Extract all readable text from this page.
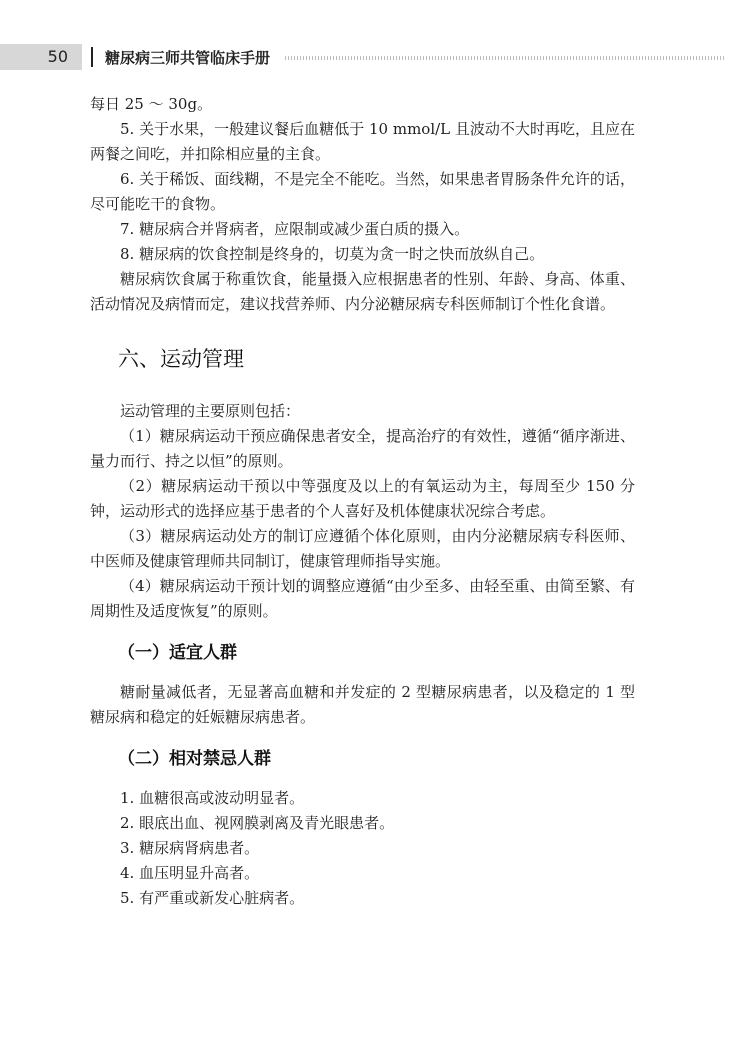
50 糖尿病三师共管临床手册

每日 25 ～ 30g。

5. 关于水果，一般建议餐后血糖低于 10 mmol/L 且波动不大时再吃，且应在两餐之间吃，并扣除相应量的主食。

6. 关于稀饭、面线糊，不是完全不能吃。当然，如果患者胃肠条件允许的话，尽可能吃干的食物。

7. 糖尿病合并肾病者，应限制或减少蛋白质的摄入。

8. 糖尿病的饮食控制是终身的，切莫为贪一时之快而放纵自己。

糖尿病饮食属于称重饮食，能量摄入应根据患者的性别、年龄、身高、体重、活动情况及病情而定，建议找营养师、内分泌糖尿病专科医师制订个性化食谱。

六、运动管理

运动管理的主要原则包括：

（1）糖尿病运动干预应确保患者安全，提高治疗的有效性，遵循“循序渐进、量力而行、持之以恒”的原则。

（2）糖尿病运动干预以中等强度及以上的有氧运动为主，每周至少 150 分钟，运动形式的选择应基于患者的个人喜好及机体健康状况综合考虑。

（3）糖尿病运动处方的制订应遵循个体化原则，由内分泌糖尿病专科医师、中医师及健康管理师共同制订，健康管理师指导实施。

（4）糖尿病运动干预计划的调整应遵循“由少至多、由轻至重、由简至繁、有周期性及适度恢复”的原则。

（一）适宜人群

糖耐量减低者，无显著高血糖和并发症的 2 型糖尿病患者，以及稳定的 1 型糖尿病和稳定的妊娠糖尿病患者。

（二）相对禁忌人群

1. 血糖很高或波动明显者。

2. 眼底出血、视网膜剥离及青光眼患者。

3. 糖尿病肾病患者。

4. 血压明显升高者。

5. 有严重或新发心脏病者。
